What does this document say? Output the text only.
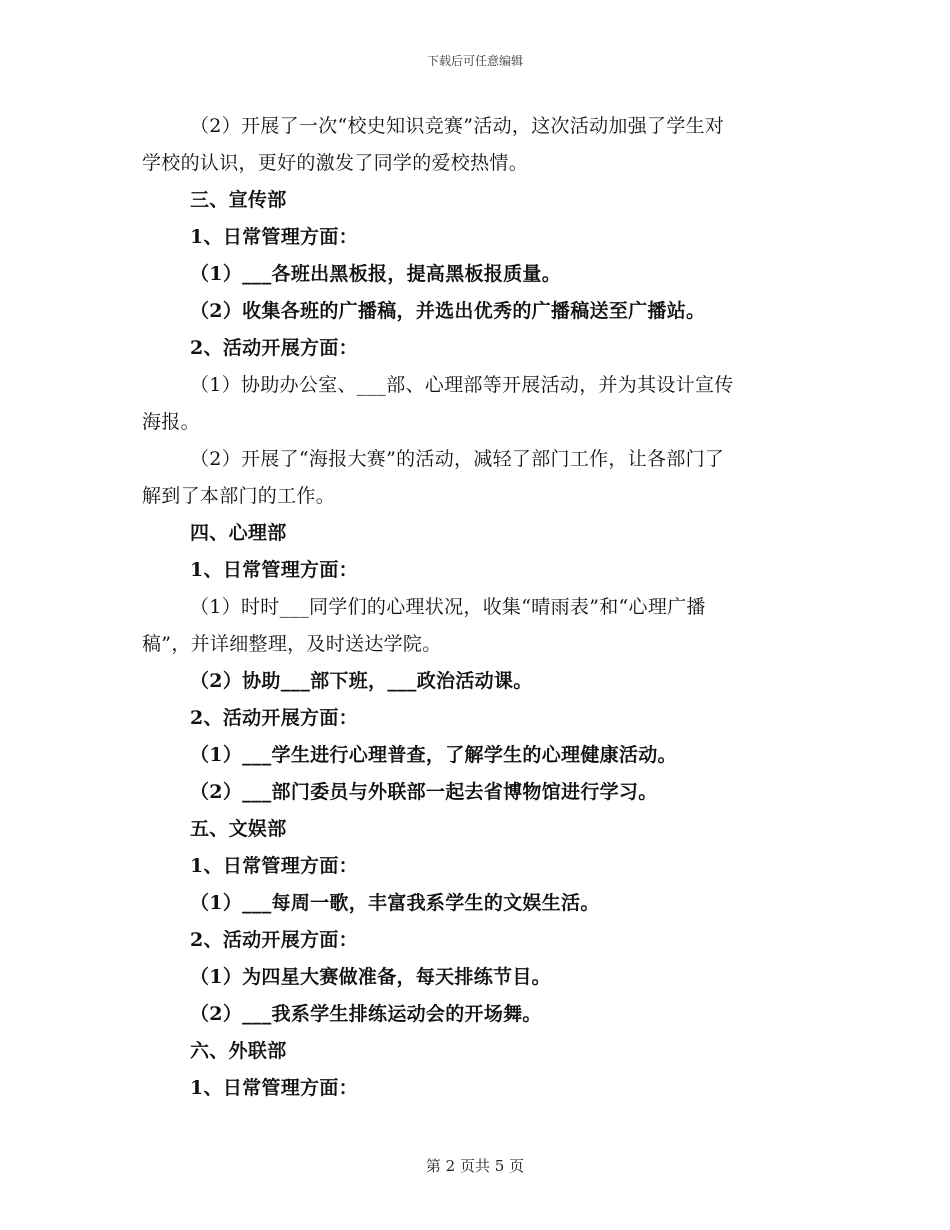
下载后可任意编辑
（2）开展了一次“校史知识竞赛”活动，这次活动加强了学生对
学校的认识，更好的激发了同学的爱校热情。
三、宣传部
1、日常管理方面：
（1）___各班出黑板报，提高黑板报质量。
（2）收集各班的广播稿，并选出优秀的广播稿送至广播站。
2、活动开展方面：
（1）协助办公室、___部、心理部等开展活动，并为其设计宣传
海报。
（2）开展了“海报大赛”的活动，减轻了部门工作，让各部门了
解到了本部门的工作。
四、心理部
1、日常管理方面：
（1）时时___同学们的心理状况，收集“晴雨表”和“心理广播
稿”，并详细整理，及时送达学院。
（2）协助___部下班，___政治活动课。
2、活动开展方面：
（1）___学生进行心理普查，了解学生的心理健康活动。
（2）___部门委员与外联部一起去省博物馆进行学习。
五、文娱部
1、日常管理方面：
（1）___每周一歌，丰富我系学生的文娱生活。
2、活动开展方面：
（1）为四星大赛做准备，每天排练节目。
（2）___我系学生排练运动会的开场舞。
六、外联部
1、日常管理方面：
第 2 页共 5 页
